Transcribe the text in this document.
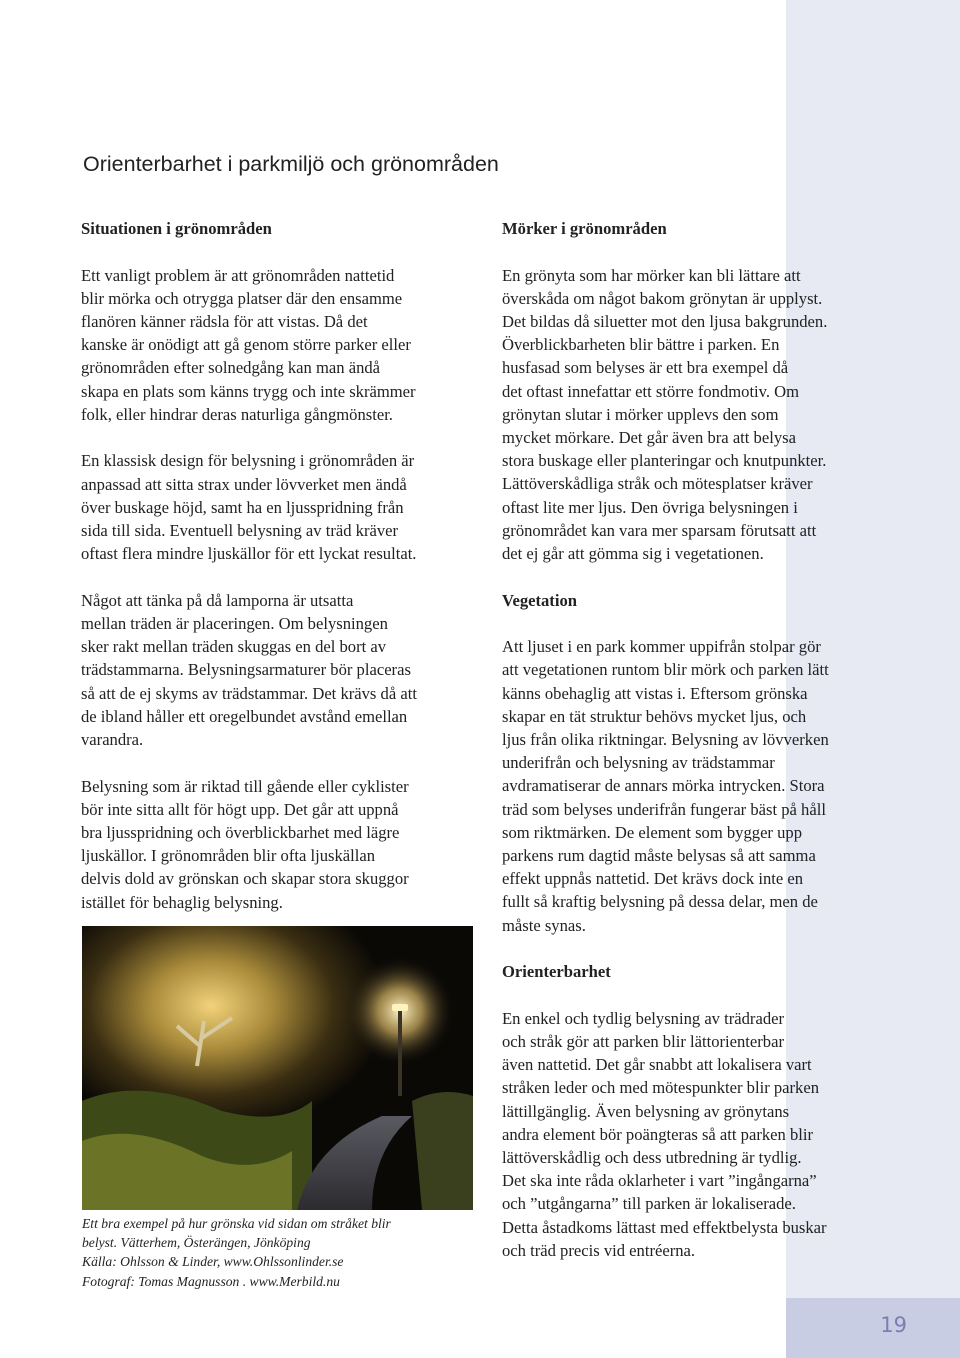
19
Orienterbarhet i parkmiljö och grönområden
Situationen i grönområden

Ett vanligt problem är att grönområden nattetid
blir mörka och otrygga platser där den ensamme
flanören känner rädsla för att vistas. Då det
kanske är onödigt att gå genom större parker eller
grönområden efter solnedgång kan man ändå
skapa en plats som känns trygg och inte skrämmer
folk, eller hindrar deras naturliga gångmönster.

En klassisk design för belysning i grönområden är
anpassad att sitta strax under lövverket men ändå
över buskage höjd, samt ha en ljusspridning från
sida till sida. Eventuell belysning av träd kräver
oftast flera mindre ljuskällor för ett lyckat resultat.

Något att tänka på då lamporna är utsatta
mellan träden är placeringen. Om belysningen
sker rakt mellan träden skuggas en del bort av
trädstammarna. Belysningsarmaturer bör placeras
så att de ej skyms av trädstammar. Det krävs då att
de ibland håller ett oregelbundet avstånd emellan
varandra.

Belysning som är riktad till gående eller cyklister
bör inte sitta allt för högt upp. Det går att uppnå
bra ljusspridning och överblickbarhet med lägre
ljuskällor. I grönområden blir ofta ljuskällan
delvis dold av grönskan och skapar stora skuggor
istället för behaglig belysning.

Ett bra exempel på hur grönska vid sidan om stråket blir
belyst. Vätterhem, Österängen, Jönköping
Källa: Ohlsson & Linder, www.Ohlssonlinder.se
Fotograf: Tomas Magnusson . www.Merbild.nu
Mörker i grönområden

En grönyta som har mörker kan bli lättare att
överskåda om något bakom grönytan är upplyst.
Det bildas då siluetter mot den ljusa bakgrunden.
Överblickbarheten blir bättre i parken. En
husfasad som belyses är ett bra exempel då
det oftast innefattar ett större fondmotiv. Om
grönytan slutar i mörker upplevs den som
mycket mörkare. Det går även bra att belysa
stora buskage eller planteringar och knutpunkter.
Lättöverskådliga stråk och mötesplatser kräver
oftast lite mer ljus. Den övriga belysningen i
grönområdet kan vara mer sparsam förutsatt att
det ej går att gömma sig i vegetationen.

Vegetation

Att ljuset i en park kommer uppifrån stolpar gör
att vegetationen runtom blir mörk och parken lätt
känns obehaglig att vistas i. Eftersom grönska
skapar en tät struktur behövs mycket ljus, och
ljus från olika riktningar. Belysning av lövverken
underifrån och belysning av trädstammar
avdramatiserar de annars mörka intrycken. Stora
träd som belyses underifrån fungerar bäst på håll
som riktmärken. De element som bygger upp
parkens rum dagtid måste belysas så att samma
effekt uppnås nattetid. Det krävs dock inte en
fullt så kraftig belysning på dessa delar, men de
måste synas.

Orienterbarhet

En enkel och tydlig belysning av trädrader
och stråk gör att parken blir lättorienterbar
även nattetid. Det går snabbt att lokalisera vart
stråken leder och med mötespunkter blir parken
lättillgänglig. Även belysning av grönytans
andra element bör poängteras så att parken blir
lättöverskådlig och dess utbredning är tydlig.
Det ska inte råda oklarheter i vart ”ingångarna”
och ”utgångarna” till parken är lokaliserade.
Detta åstadkoms lättast med effektbelysta buskar
och träd precis vid entréerna.
